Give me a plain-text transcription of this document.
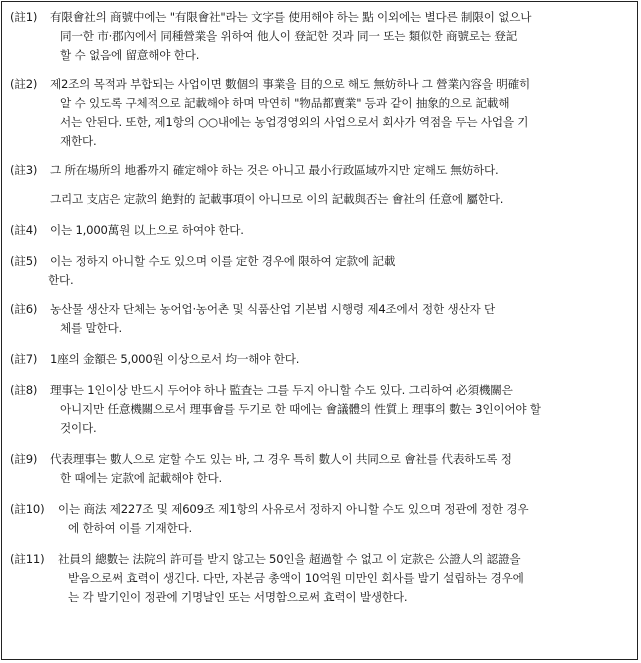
(註1)	有限會社의 商號中에는 "有限會社"라는 文字를 使用해야 하는 點 이외에는 별다른 制限이 없으나
同一한 市·郡內에서 同種營業을 위하여 他人이 登記한 것과 同一 또는 類似한 商號로는 登記
할 수 없음에 留意해야 한다.
(註2)	제2조의 목적과 부합되는 사업이면 數個의 事業을 目的으로 해도 無妨하나 그 營業內容을 明確히
알 수 있도록 구체적으로 記載해야 하며 막연히 "物品都賣業" 등과 같이 抽象的으로 記載해
서는 안된다. 또한, 제1항의 ○○내에는 농업경영외의 사업으로서 회사가 역점을 두는 사업을 기
재한다.
(註3)	그 所在場所의 地番까지 確定해야 하는 것은 아니고 最小行政區域까지만 定해도 無妨하다.
그리고 支店은 定款의 絶對的 記載事項이 아니므로 이의 記載與否는 會社의 任意에 屬한다.
(註4)	이는 1,000萬원 以上으로 하여야 한다.
(註5)	이는 정하지 아니할 수도 있으며 이를 定한 경우에 限하여 定款에 記載
한다.
(註6)	농산물 생산자 단체는 농어업·농어촌 및 식품산업 기본법 시행령 제4조에서 정한 생산자 단
체를 말한다.
(註7)	1座의 金額은 5,000원 이상으로서 均一해야 한다.
(註8)	理事는 1인이상 반드시 두어야 하나 監査는 그를 두지 아니할 수도 있다. 그리하여 必須機關은
아니지만 任意機關으로서 理事會를 두기로 한 때에는 會議體의 性質上 理事의 數는 3인이어야 할
것이다.
(註9)	代表理事는 數人으로 定할 수도 있는 바, 그 경우 특히 數人이 共同으로 會社를 代表하도록 정
한 때에는 定款에 記載해야 한다.
(註10)	이는 商法 제227조 및 제609조 제1항의 사유로서 정하지 아니할 수도 있으며 정관에 정한 경우
에 한하여 이를 기재한다.
(註11)	社員의 總數는 法院의 許可를 받지 않고는 50인을 超過할 수 없고 이 定款은 公證人의 認證을
받음으로써 효력이 생긴다. 다만, 자본금 총액이 10억원 미만인 회사를 발기 설립하는 경우에
는 각 발기인이 정관에 기명날인 또는 서명함으로써 효력이 발생한다.
